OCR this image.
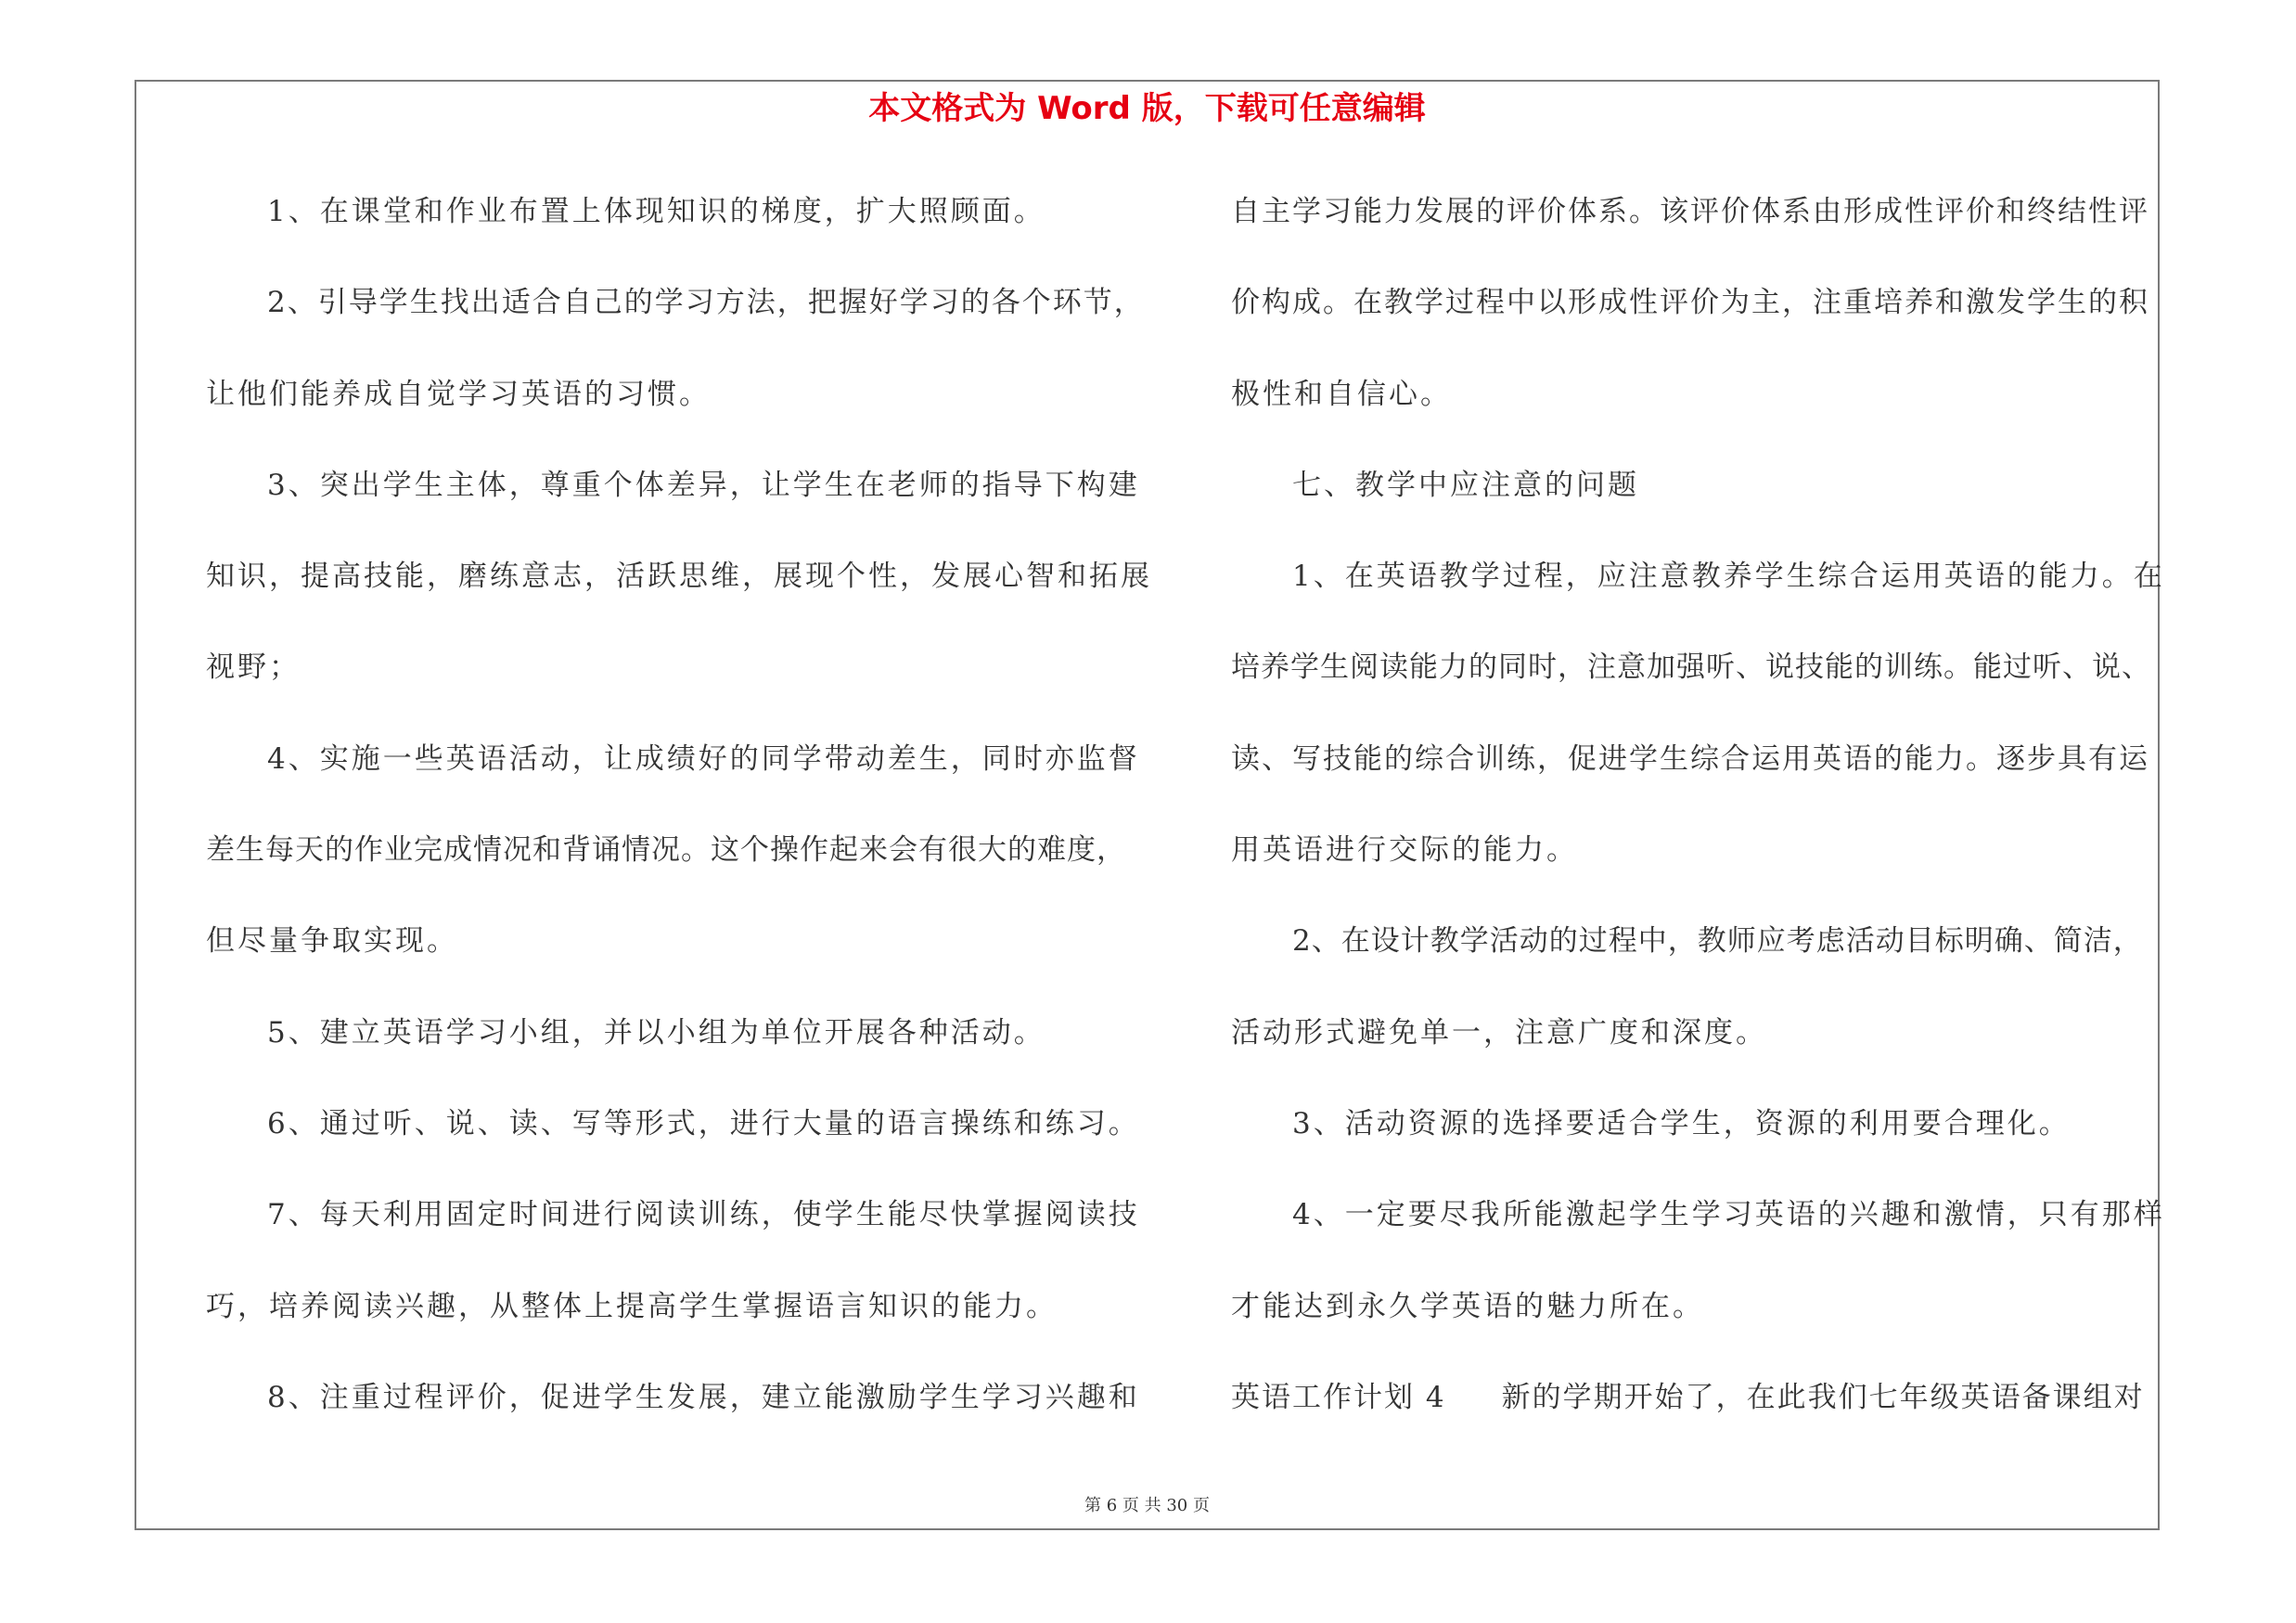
本文格式为 Word 版，下载可任意编辑
1、在课堂和作业布置上体现知识的梯度，扩大照顾面。
2、引导学生找出适合自己的学习方法，把握好学习的各个环节，
让他们能养成自觉学习英语的习惯。
3、突出学生主体，尊重个体差异，让学生在老师的指导下构建
知识，提高技能，磨练意志，活跃思维，展现个性，发展心智和拓展
视野；
4、实施一些英语活动，让成绩好的同学带动差生，同时亦监督
差生每天的作业完成情况和背诵情况。这个操作起来会有很大的难度，
但尽量争取实现。
5、建立英语学习小组，并以小组为单位开展各种活动。
6、通过听、说、读、写等形式，进行大量的语言操练和练习。
7、每天利用固定时间进行阅读训练，使学生能尽快掌握阅读技
巧，培养阅读兴趣，从整体上提高学生掌握语言知识的能力。
8、注重过程评价，促进学生发展，建立能激励学生学习兴趣和
自主学习能力发展的评价体系。该评价体系由形成性评价和终结性评
价构成。在教学过程中以形成性评价为主，注重培养和激发学生的积
极性和自信心。
七、教学中应注意的问题
1、在英语教学过程，应注意教养学生综合运用英语的能力。在
培养学生阅读能力的同时，注意加强听、说技能的训练。能过听、说、
读、写技能的综合训练，促进学生综合运用英语的能力。逐步具有运
用英语进行交际的能力。
2、在设计教学活动的过程中，教师应考虑活动目标明确、简洁，
活动形式避免单一，注意广度和深度。
3、活动资源的选择要适合学生，资源的利用要合理化。
4、一定要尽我所能激起学生学习英语的兴趣和激情，只有那样
才能达到永久学英语的魅力所在。
英语工作计划 4 新的学期开始了，在此我们七年级英语备课组对
第 6 页 共 30 页
